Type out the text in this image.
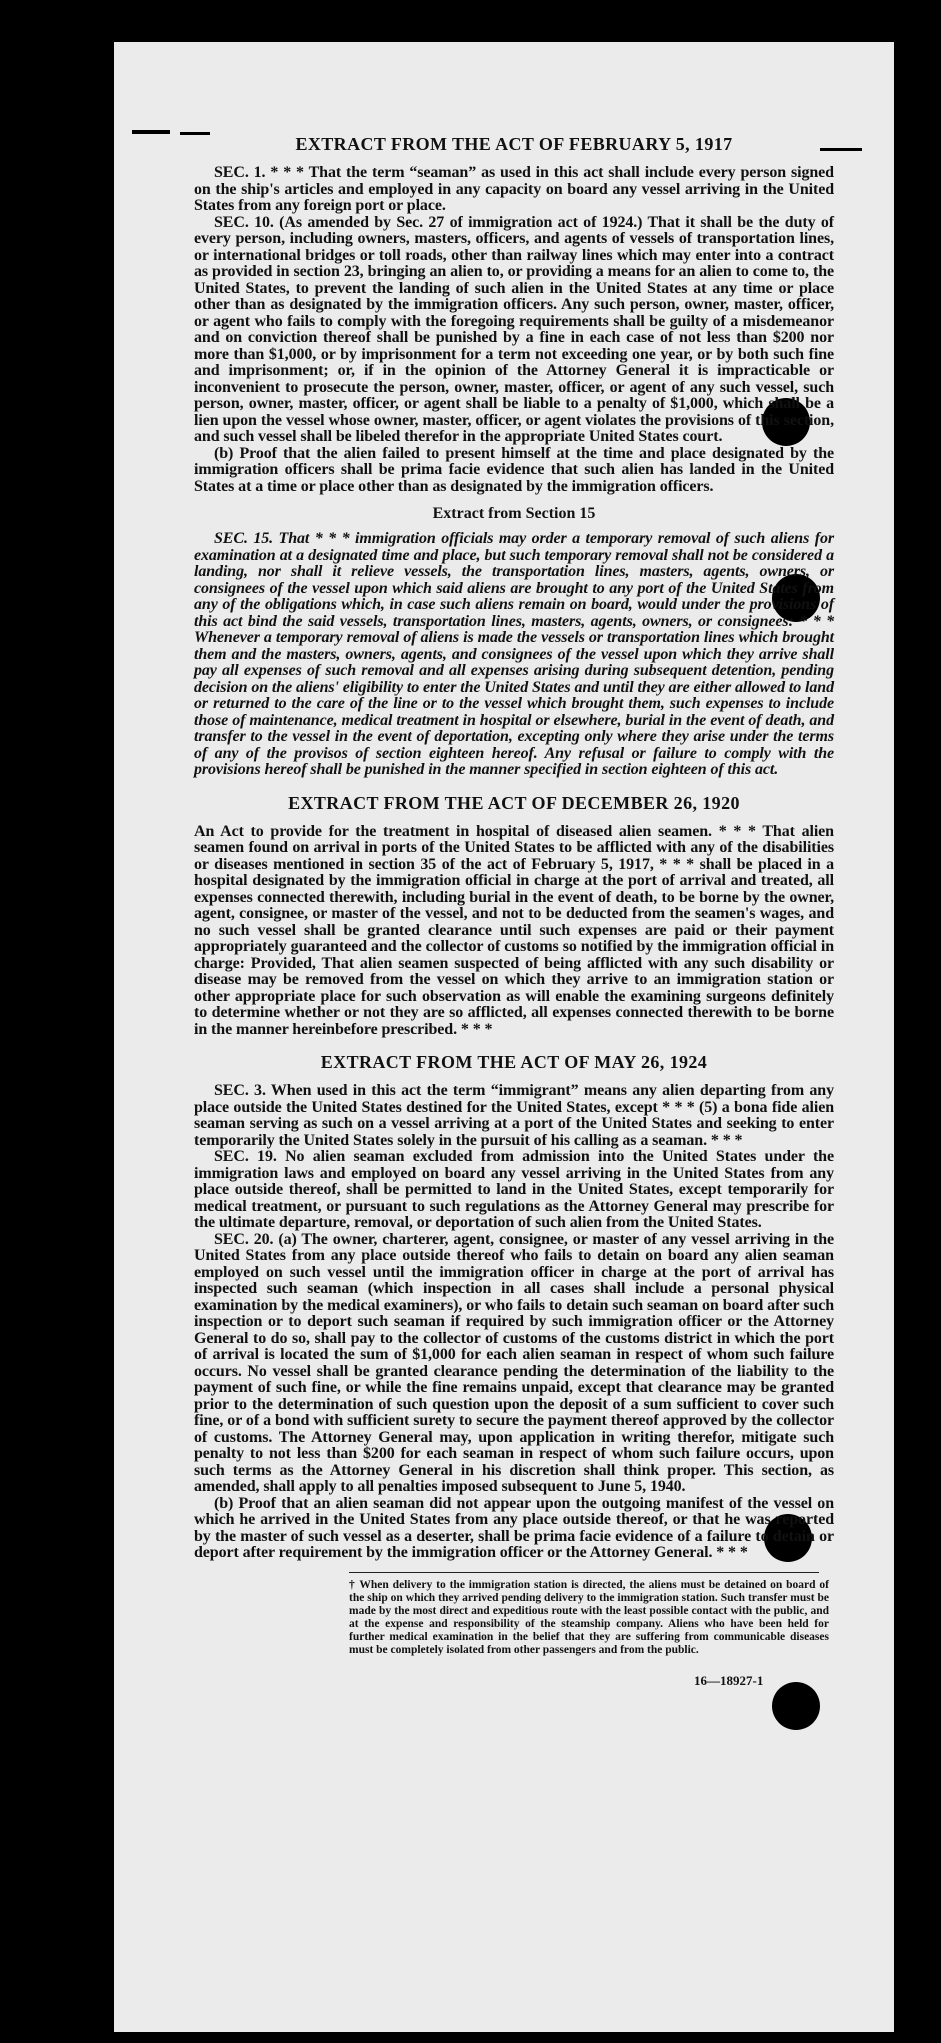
EXTRACT FROM THE ACT OF FEBRUARY 5, 1917

SEC. 1. * * * That the term “seaman” as used in this act shall include every person signed on the ship's articles and employed in any capacity on board any vessel arriving in the United States from any foreign port or place.

SEC. 10. (As amended by Sec. 27 of immigration act of 1924.) That it shall be the duty of every person, including owners, masters, officers, and agents of vessels of transportation lines, or international bridges or toll roads, other than railway lines which may enter into a contract as provided in section 23, bringing an alien to, or providing a means for an alien to come to, the United States, to prevent the landing of such alien in the United States at any time or place other than as designated by the immigration officers. Any such person, owner, master, officer, or agent who fails to comply with the foregoing requirements shall be guilty of a misdemeanor and on conviction thereof shall be punished by a fine in each case of not less than $200 nor more than $1,000, or by imprisonment for a term not exceeding one year, or by both such fine and imprisonment; or, if in the opinion of the Attorney General it is impracticable or inconvenient to prosecute the person, owner, master, officer, or agent of any such vessel, such person, owner, master, officer, or agent shall be liable to a penalty of $1,000, which shall be a lien upon the vessel whose owner, master, officer, or agent violates the provisions of this section, and such vessel shall be libeled therefor in the appropriate United States court.

(b) Proof that the alien failed to present himself at the time and place designated by the immigration officers shall be prima facie evidence that such alien has landed in the United States at a time or place other than as designated by the immigration officers.

Extract from Section 15

SEC. 15. That * * * immigration officials may order a temporary removal of such aliens for examination at a designated time and place, but such temporary removal shall not be considered a landing, nor shall it relieve vessels, the transportation lines, masters, agents, owners, or consignees of the vessel upon which said aliens are brought to any port of the United States from any of the obligations which, in case such aliens remain on board, would under the provisions of this act bind the said vessels, transportation lines, masters, agents, owners, or consignees: * * * Whenever a temporary removal of aliens is made the vessels or transportation lines which brought them and the masters, owners, agents, and consignees of the vessel upon which they arrive shall pay all expenses of such removal and all expenses arising during subsequent detention, pending decision on the aliens' eligibility to enter the United States and until they are either allowed to land or returned to the care of the line or to the vessel which brought them, such expenses to include those of maintenance, medical treatment in hospital or elsewhere, burial in the event of death, and transfer to the vessel in the event of deportation, excepting only where they arise under the terms of any of the provisos of section eighteen hereof. Any refusal or failure to comply with the provisions hereof shall be punished in the manner specified in section eighteen of this act.

EXTRACT FROM THE ACT OF DECEMBER 26, 1920

An Act to provide for the treatment in hospital of diseased alien seamen. * * * That alien seamen found on arrival in ports of the United States to be afflicted with any of the disabilities or diseases mentioned in section 35 of the act of February 5, 1917, * * * shall be placed in a hospital designated by the immigration official in charge at the port of arrival and treated, all expenses connected therewith, including burial in the event of death, to be borne by the owner, agent, consignee, or master of the vessel, and not to be deducted from the seamen's wages, and no such vessel shall be granted clearance until such expenses are paid or their payment appropriately guaranteed and the collector of customs so notified by the immigration official in charge: Provided, That alien seamen suspected of being afflicted with any such disability or disease may be removed from the vessel on which they arrive to an immigration station or other appropriate place for such observation as will enable the examining surgeons definitely to determine whether or not they are so afflicted, all expenses connected therewith to be borne in the manner hereinbefore prescribed. * * *

EXTRACT FROM THE ACT OF MAY 26, 1924

SEC. 3. When used in this act the term “immigrant” means any alien departing from any place outside the United States destined for the United States, except * * * (5) a bona fide alien seaman serving as such on a vessel arriving at a port of the United States and seeking to enter temporarily the United States solely in the pursuit of his calling as a seaman. * * *

SEC. 19. No alien seaman excluded from admission into the United States under the immigration laws and employed on board any vessel arriving in the United States from any place outside thereof, shall be permitted to land in the United States, except temporarily for medical treatment, or pursuant to such regulations as the Attorney General may prescribe for the ultimate departure, removal, or deportation of such alien from the United States.

SEC. 20. (a) The owner, charterer, agent, consignee, or master of any vessel arriving in the United States from any place outside thereof who fails to detain on board any alien seaman employed on such vessel until the immigration officer in charge at the port of arrival has inspected such seaman (which inspection in all cases shall include a personal physical examination by the medical examiners), or who fails to detain such seaman on board after such inspection or to deport such seaman if required by such immigration officer or the Attorney General to do so, shall pay to the collector of customs of the customs district in which the port of arrival is located the sum of $1,000 for each alien seaman in respect of whom such failure occurs. No vessel shall be granted clearance pending the determination of the liability to the payment of such fine, or while the fine remains unpaid, except that clearance may be granted prior to the determination of such question upon the deposit of a sum sufficient to cover such fine, or of a bond with sufficient surety to secure the payment thereof approved by the collector of customs. The Attorney General may, upon application in writing therefor, mitigate such penalty to not less than $200 for each seaman in respect of whom such failure occurs, upon such terms as the Attorney General in his discretion shall think proper. This section, as amended, shall apply to all penalties imposed subsequent to June 5, 1940.

(b) Proof that an alien seaman did not appear upon the outgoing manifest of the vessel on which he arrived in the United States from any place outside thereof, or that he was reported by the master of such vessel as a deserter, shall be prima facie evidence of a failure to detain or deport after requirement by the immigration officer or the Attorney General. * * *

† When delivery to the immigration station is directed, the aliens must be detained on board of the ship on which they arrived pending delivery to the immigration station. Such transfer must be made by the most direct and expeditious route with the least possible contact with the public, and at the expense and responsibility of the steamship company. Aliens who have been held for further medical examination in the belief that they are suffering from communicable diseases must be completely isolated from other passengers and from the public.
16—18927-1
